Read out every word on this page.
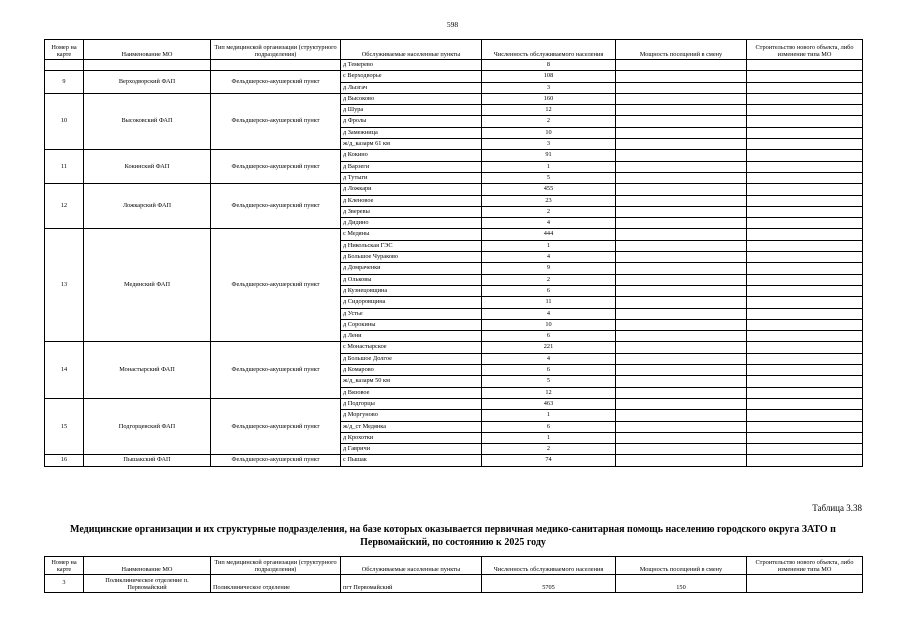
598
Номер на карте	Наименование МО	Тип медицинской организации (структурного подразделения)	Обслуживаемые населенные пункты	Численность обслуживаемого населения	Мощность посещений в смену	Строительство нового объекта, либо изменение типа МО
			д Темерево	8		
9	Верходворский ФАП	Фельдшерско-акушерский пункт	с Верходворье	108		
			д Лызгач	3		
10	Высоковский ФАП	Фельдшерско-акушерский пункт	д Высоково	160		
			д Шура	12		
			д Фролы	2		
			д Замежница	10		
			ж/д_казарм 61 км	3		
11	Кокинский ФАП	Фельдшерско-акушерский пункт	д Кокино	91		
			д Варзеги	1		
			д Тутыги	5		
12	Ложкарский ФАП	Фельдшерско-акушерский пункт	д Ложкари	455		
			д Кленовое	23		
			д Зверевы	2		
			д Дидино	4		
13	Мединский ФАП	Фельдшерско-акушерский пункт	с Медяны	444		
			д Никольская ГЭС	1		
			д Большое Чураково	4		
			д Домраченки	9		
			д Ольковы	2		
			д Кузнецовщина	6		
			д Сидоровщина	11		
			д Устье	4		
			д Сорокины	10		
			д Лени	6		
14	Монастырский ФАП	Фельдшерско-акушерский пункт	с Монастырское	221		
			д Большое Долгое	4		
			д Комарово	6		
			ж/д_казарм 50 км	5		
			д Вязовое	12		
15	Подгорцевский ФАП	Фельдшерско-акушерский пункт	д Подгорцы	463		
			д Моргуново	1		
			ж/д_ст Медянка	6		
			д Крохотки	1		
			д Гавричи	2		
16	Пышакский ФАП	Фельдшерско-акушерский пункт	с Пышак	74		
Таблица 3.38
Медицинские организации и их структурные подразделения, на базе которых оказывается первичная медико-санитарная помощь населению городского округа ЗАТО п Первомайский, по состоянию к 2025 году
Номер на карте	Наименование МО	Тип медицинской организации (структурного подразделения)	Обслуживаемые населенные пункты	Численность обслуживаемого населения	Мощность посещений в смену	Строительство нового объекта, либо изменение типа МО
3	Поликлиническое отделение п. Первомайский	Поликлиническое отделение	пгт Первомайский	5705	150	
